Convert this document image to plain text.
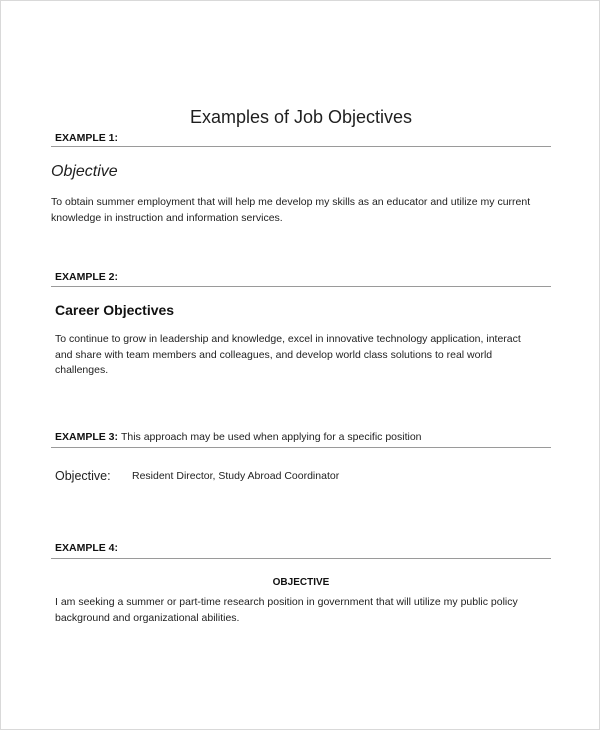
Examples of Job Objectives
EXAMPLE 1:
Objective
To obtain summer employment that will help me develop my skills as an educator and utilize my current
knowledge in instruction and information services.
EXAMPLE 2:
Career Objectives
To continue to grow in leadership and knowledge, excel in innovative technology application, interact
and share with team members and colleagues, and develop world class solutions to real world
challenges.
EXAMPLE 3: This approach may be used when applying for a specific position
Objective: Resident Director, Study Abroad Coordinator
EXAMPLE 4:
OBJECTIVE
I am seeking a summer or part-time research position in government that will utilize my public policy
background and organizational abilities.
